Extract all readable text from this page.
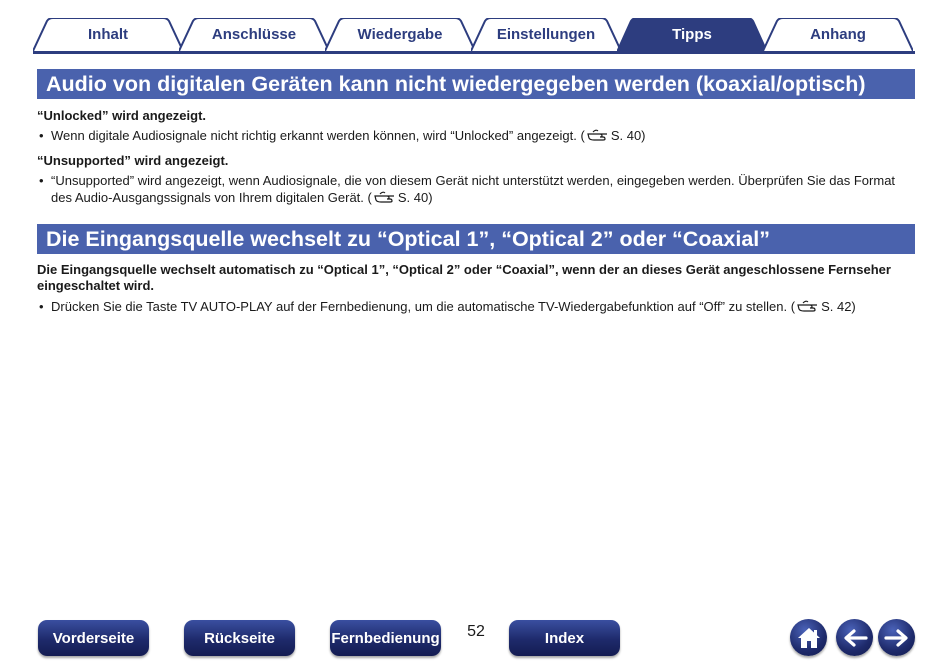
Inhalt	Anschlüsse	Wiedergabe	Einstellungen	Tipps	Anhang
Audio von digitalen Geräten kann nicht wiedergegeben werden (koaxial/optisch)
“Unlocked” wird angezeigt.
• Wenn digitale Audiosignale nicht richtig erkannt werden können, wird “Unlocked” angezeigt. ( S. 40)
“Unsupported” wird angezeigt.
• “Unsupported” wird angezeigt, wenn Audiosignale, die von diesem Gerät nicht unterstützt werden, eingegeben werden. Überprüfen Sie das Format des Audio-Ausgangssignals von Ihrem digitalen Gerät. ( S. 40)
Die Eingangsquelle wechselt zu “Optical 1”, “Optical 2” oder “Coaxial”
Die Eingangsquelle wechselt automatisch zu “Optical 1”, “Optical 2” oder “Coaxial”, wenn der an dieses Gerät angeschlossene Fernseher eingeschaltet wird.
• Drücken Sie die Taste TV AUTO-PLAY auf der Fernbedienung, um die automatische TV-Wiedergabefunktion auf “Off” zu stellen. ( S. 42)
Vorderseite	Rückseite	Fernbedienung	52	Index
